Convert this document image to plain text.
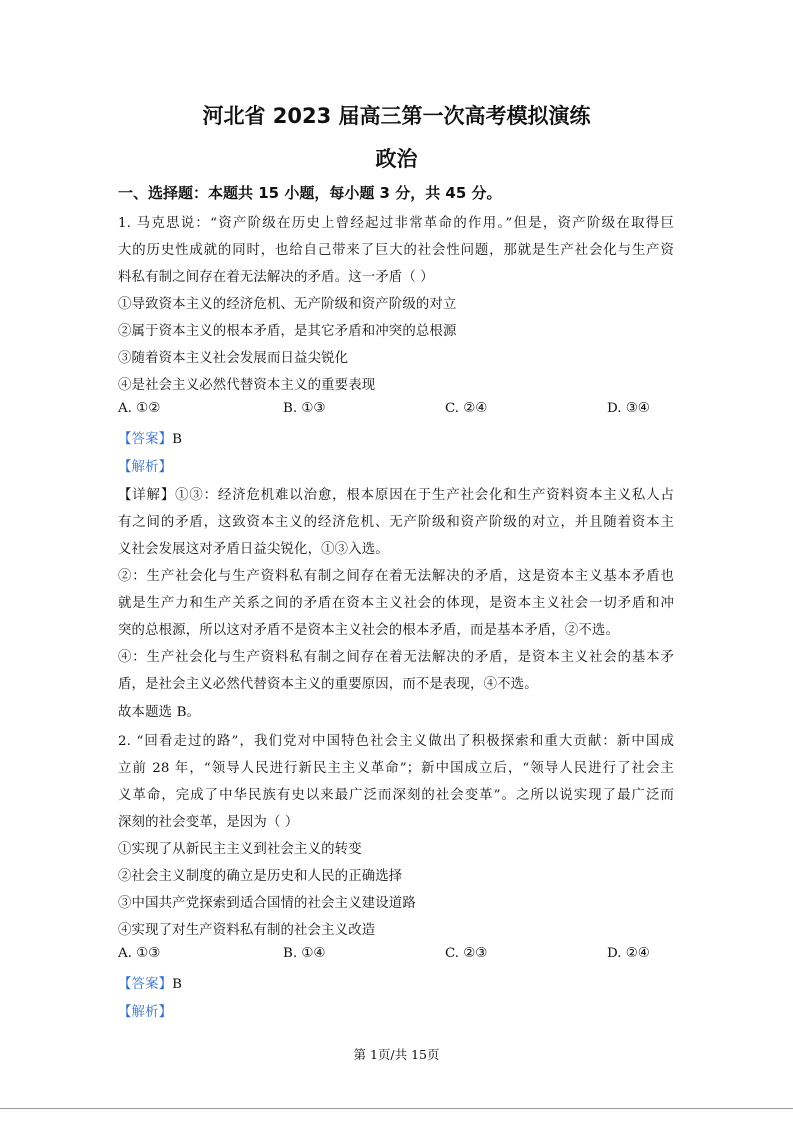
河北省 2023 届高三第一次高考模拟演练
政治
一、选择题：本题共 15 小题，每小题 3 分，共 45 分。
1. 马克思说：“资产阶级在历史上曾经起过非常革命的作用。”但是，资产阶级在取得巨
大的历史性成就的同时，也给自己带来了巨大的社会性问题，那就是生产社会化与生产资
料私有制之间存在着无法解决的矛盾。这一矛盾（ ）
①导致资本主义的经济危机、无产阶级和资产阶级的对立
②属于资本主义的根本矛盾，是其它矛盾和冲突的总根源
③随着资本主义社会发展而日益尖锐化
④是社会主义必然代替资本主义的重要表现
A. ①②	B. ①③	C. ②④	D. ③④
【答案】B
【解析】
【详解】①③：经济危机难以治愈，根本原因在于生产社会化和生产资料资本主义私人占
有之间的矛盾，这致资本主义的经济危机、无产阶级和资产阶级的对立，并且随着资本主
义社会发展这对矛盾日益尖锐化，①③入选。
②：生产社会化与生产资料私有制之间存在着无法解决的矛盾，这是资本主义基本矛盾也
就是生产力和生产关系之间的矛盾在资本主义社会的体现，是资本主义社会一切矛盾和冲
突的总根源，所以这对矛盾不是资本主义社会的根本矛盾，而是基本矛盾，②不选。
④：生产社会化与生产资料私有制之间存在着无法解决的矛盾，是资本主义社会的基本矛
盾，是社会主义必然代替资本主义的重要原因，而不是表现，④不选。
故本题选 B。
2. “回看走过的路”，我们党对中国特色社会主义做出了积极探索和重大贡献：新中国成
立前 28 年，“领导人民进行新民主主义革命”；新中国成立后，“领导人民进行了社会主
义革命，完成了中华民族有史以来最广泛而深刻的社会变革”。之所以说实现了最广泛而
深刻的社会变革，是因为（ ）
①实现了从新民主主义到社会主义的转变
②社会主义制度的确立是历史和人民的正确选择
③中国共产党探索到适合国情的社会主义建设道路
④实现了对生产资料私有制的社会主义改造
A. ①③	B. ①④	C. ②③	D. ②④
【答案】B
【解析】
第 1页/共 15页
